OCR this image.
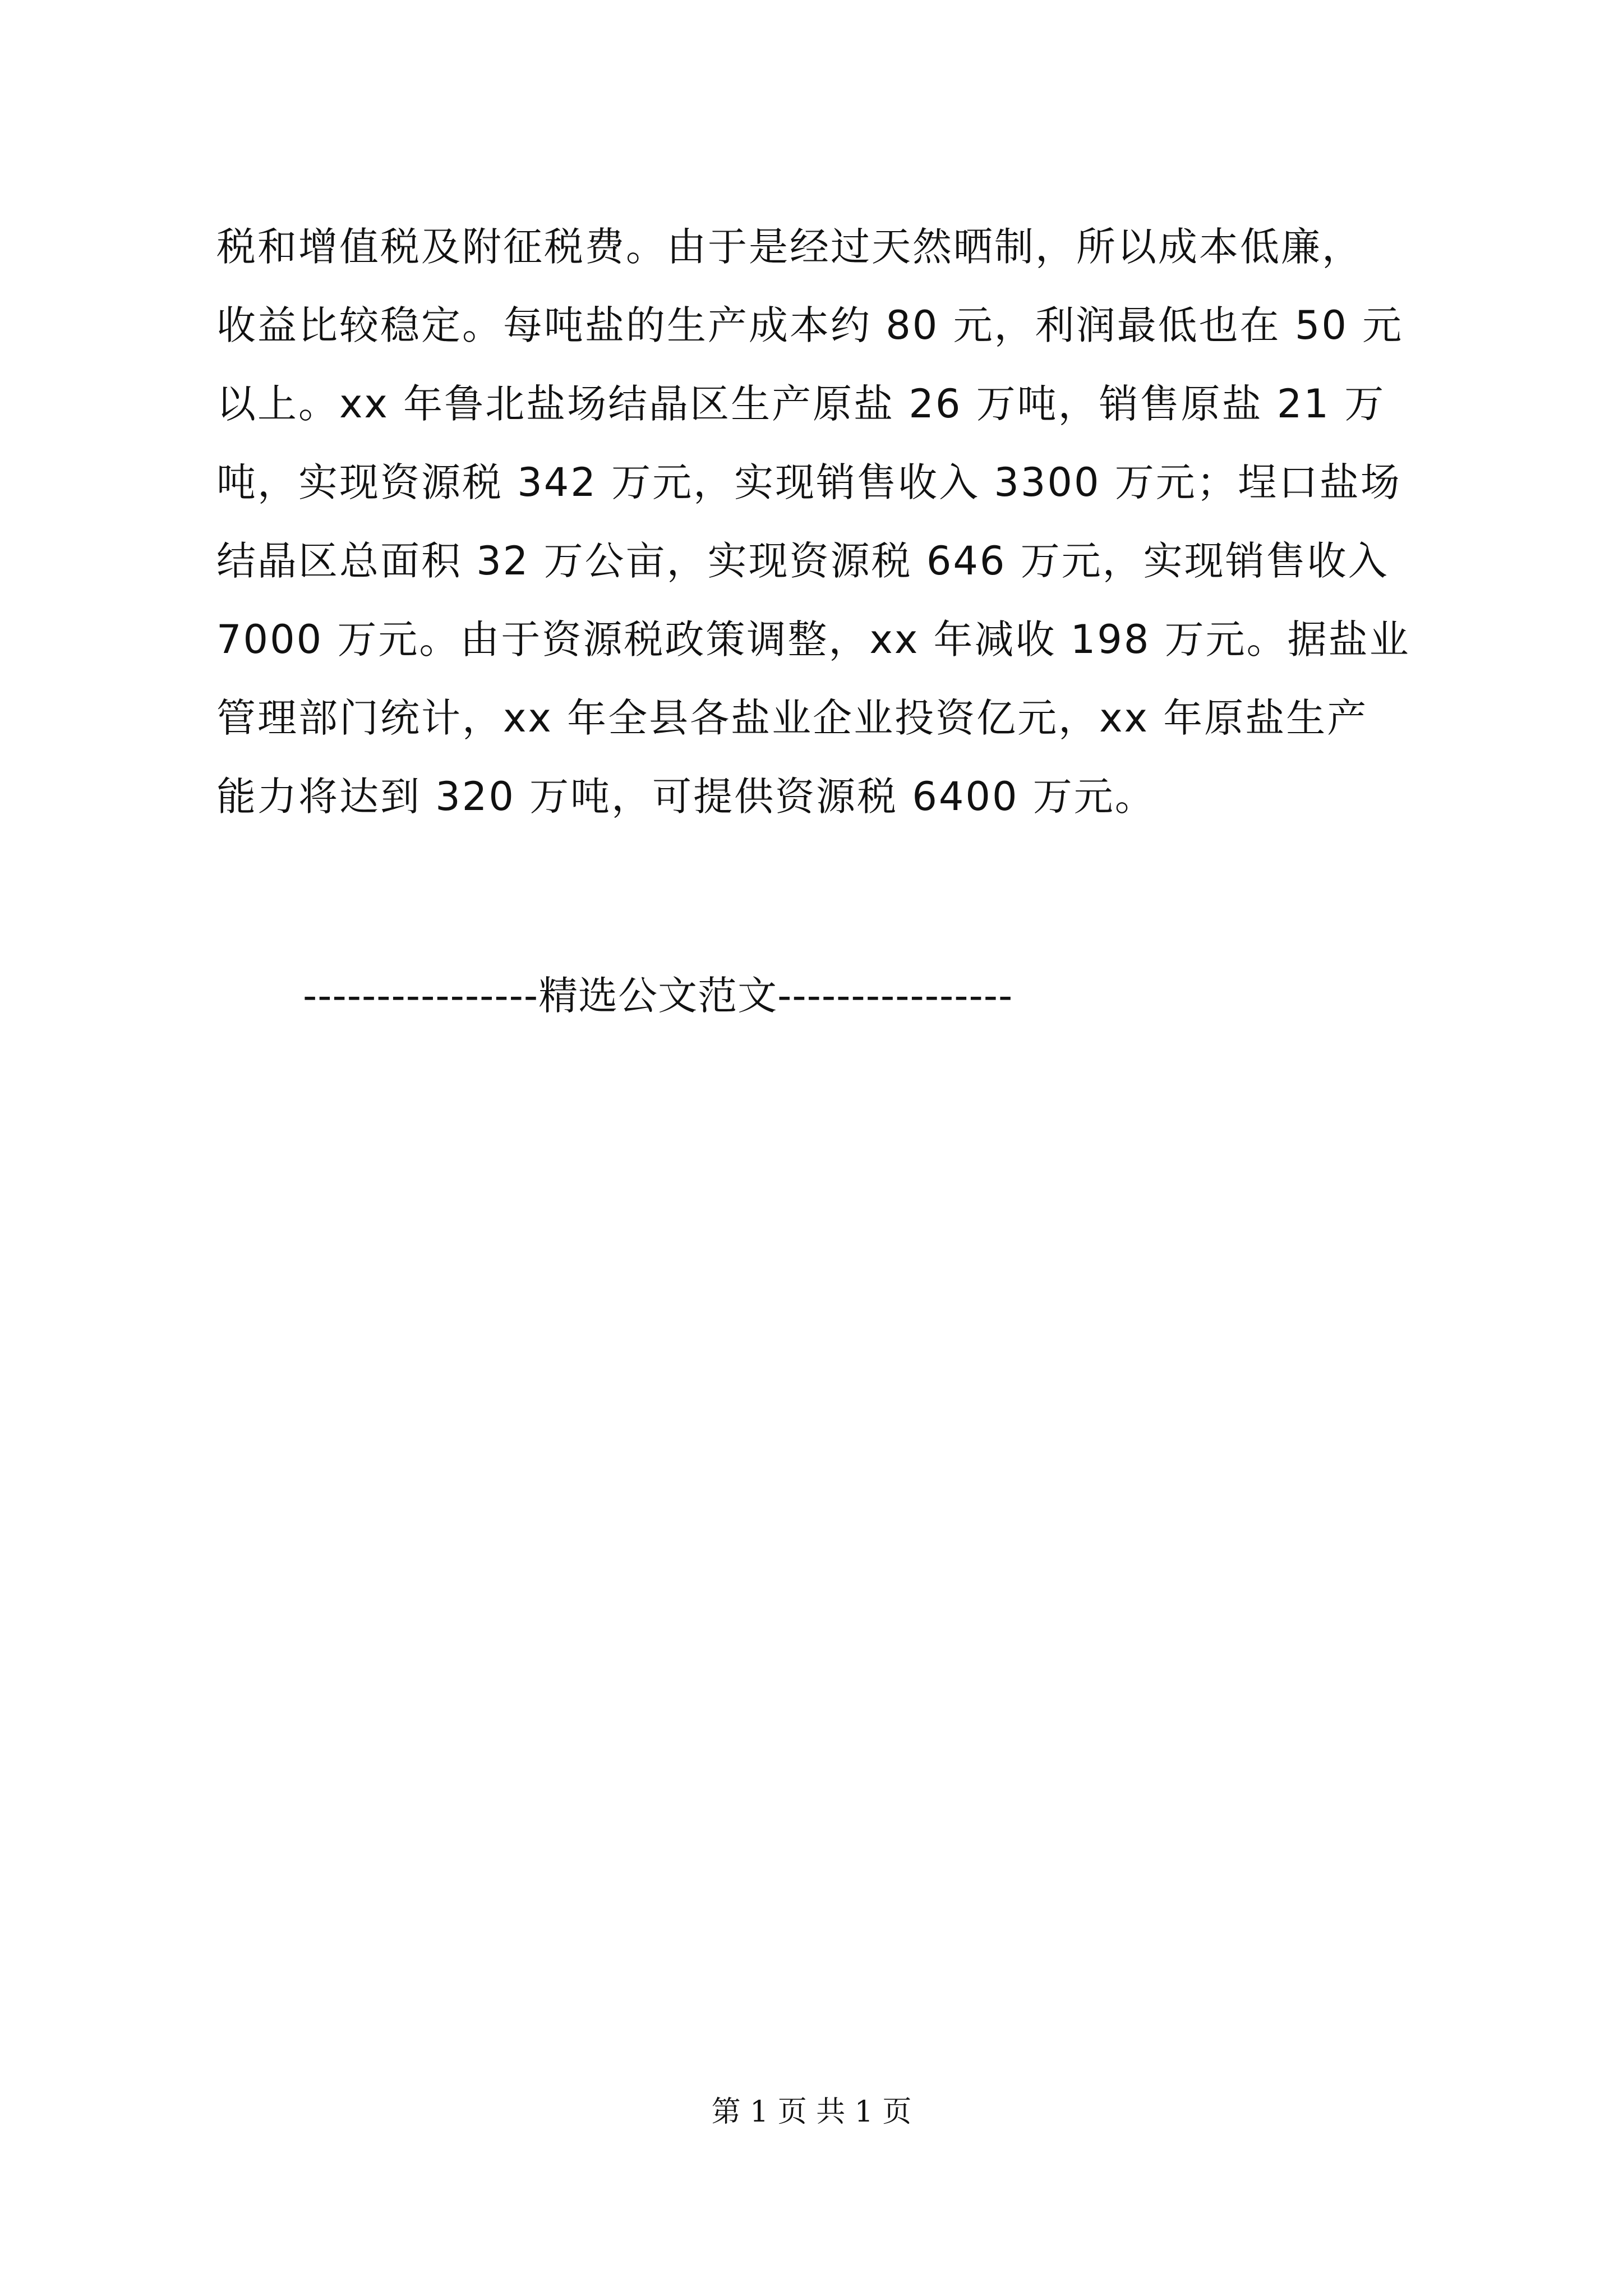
税和增值税及附征税费。由于是经过天然晒制，所以成本低廉，

收益比较稳定。每吨盐的生产成本约 80 元，利润最低也在 50 元

以上。xx 年鲁北盐场结晶区生产原盐 26 万吨，销售原盐 21 万

吨，实现资源税 342 万元，实现销售收入 3300 万元；埕口盐场

结晶区总面积 32 万公亩，实现资源税 646 万元，实现销售收入

7000 万元。由于资源税政策调整，xx 年减收 198 万元。据盐业

管理部门统计，xx 年全县各盐业企业投资亿元，xx 年原盐生产

能力将达到 320 万吨，可提供资源税 6400 万元。

----------------精选公文范文----------------
第 1 页 共 1 页
